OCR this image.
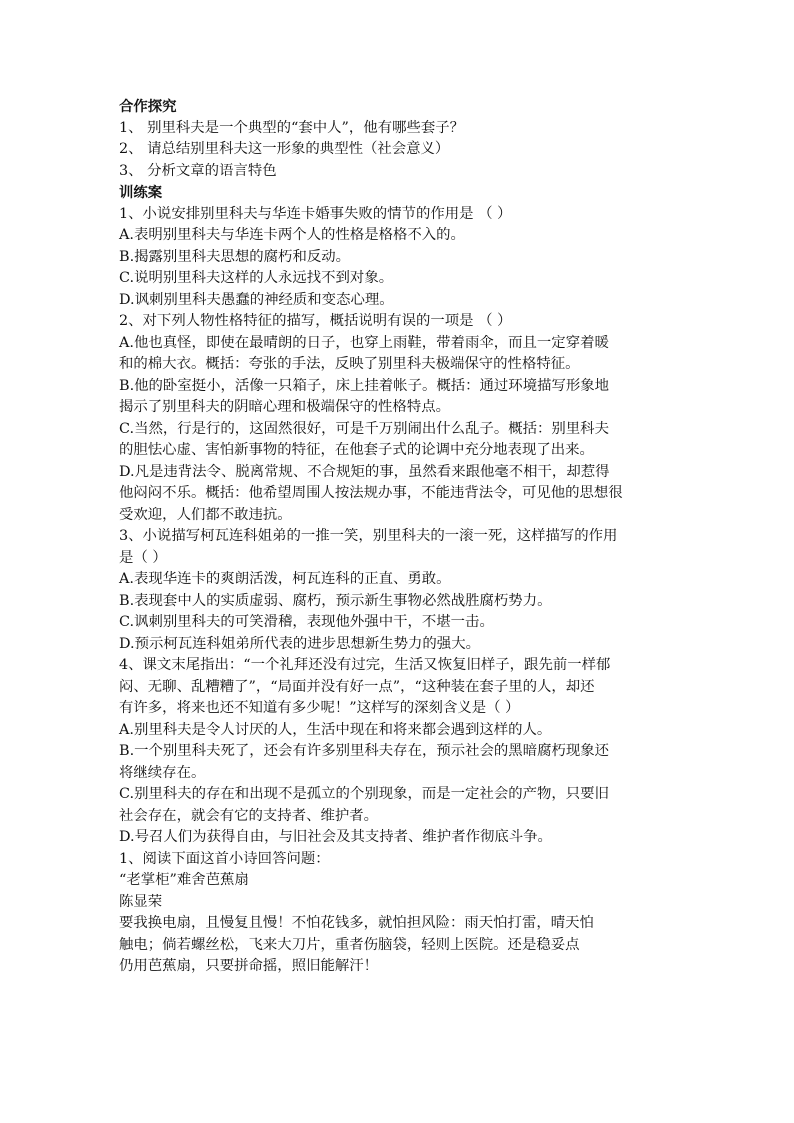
合作探究
1、 别里科夫是一个典型的“套中人”，他有哪些套子？
2、 请总结别里科夫这一形象的典型性（社会意义）
3、 分析文章的语言特色
训练案
1、小说安排别里科夫与华连卡婚事失败的情节的作用是 （ ）
A.表明别里科夫与华连卡两个人的性格是格格不入的。
B.揭露别里科夫思想的腐朽和反动。
C.说明别里科夫这样的人永远找不到对象。
D.讽刺别里科夫愚蠢的神经质和变态心理。
2、对下列人物性格特征的描写，概括说明有误的一项是 （ ）
A.他也真怪，即使在最晴朗的日子，也穿上雨鞋，带着雨伞，而且一定穿着暖
和的棉大衣。概括：夸张的手法，反映了别里科夫极端保守的性格特征。
B.他的卧室挺小，活像一只箱子，床上挂着帐子。概括：通过环境描写形象地
揭示了别里科夫的阴暗心理和极端保守的性格特点。
C.当然，行是行的，这固然很好，可是千万别闹出什么乱子。概括：别里科夫
的胆怯心虚、害怕新事物的特征，在他套子式的论调中充分地表现了出来。
D.凡是违背法令、脱离常规、不合规矩的事，虽然看来跟他毫不相干，却惹得
他闷闷不乐。概括：他希望周围人按法规办事，不能违背法令，可见他的思想很
受欢迎，人们都不敢违抗。
3、小说描写柯瓦连科姐弟的一推一笑，别里科夫的一滚一死，这样描写的作用
是（ ）
A.表现华连卡的爽朗活泼，柯瓦连科的正直、勇敢。
B.表现套中人的实质虚弱、腐朽，预示新生事物必然战胜腐朽势力。
C.讽刺别里科夫的可笑滑稽，表现他外强中干，不堪一击。
D.预示柯瓦连科姐弟所代表的进步思想新生势力的强大。
4、课文末尾指出：“一个礼拜还没有过完，生活又恢复旧样子，跟先前一样郁
闷、无聊、乱糟糟了”，“局面并没有好一点”，“这种装在套子里的人，却还
有许多，将来也还不知道有多少呢！”这样写的深刻含义是（ ）
A.别里科夫是令人讨厌的人，生活中现在和将来都会遇到这样的人。
B.一个别里科夫死了，还会有许多别里科夫存在，预示社会的黑暗腐朽现象还
将继续存在。
C.别里科夫的存在和出现不是孤立的个别现象，而是一定社会的产物，只要旧
社会存在，就会有它的支持者、维护者。
D.号召人们为获得自由，与旧社会及其支持者、维护者作彻底斗争。
1、阅读下面这首小诗回答问题：
“老掌柜”难舍芭蕉扇
陈显荣
要我换电扇，且慢复且慢！不怕花钱多，就怕担风险：雨天怕打雷，晴天怕
触电；倘若螺丝松，飞来大刀片，重者伤脑袋，轻则上医院。还是稳妥点
仍用芭蕉扇，只要拼命摇，照旧能解汗！
